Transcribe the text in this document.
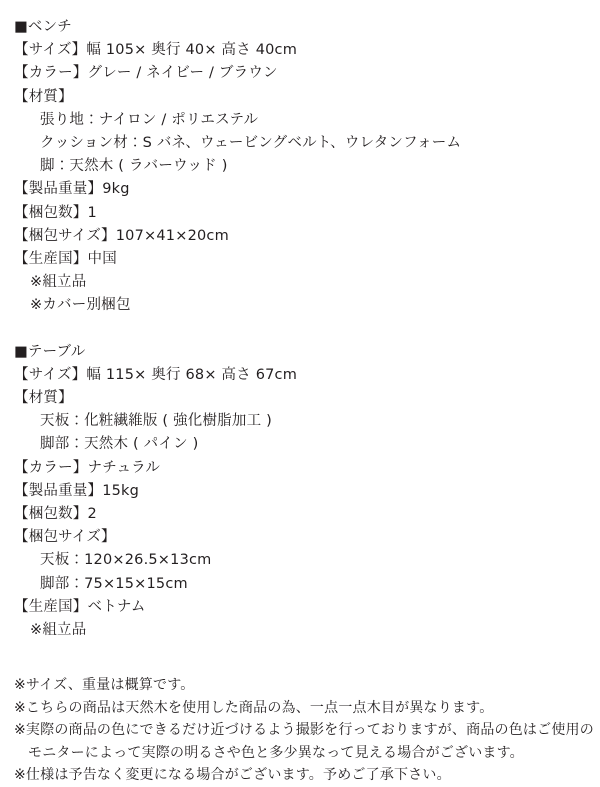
■ベンチ
【サイズ】幅 105× 奥行 40× 高さ 40cm
【カラー】グレー / ネイビー / ブラウン
【材質】
張り地：ナイロン / ポリエステル
クッション材：S バネ、ウェービングベルト、ウレタンフォーム
脚：天然木 ( ラバーウッド )
【製品重量】9kg
【梱包数】1
【梱包サイズ】107×41×20cm
【生産国】中国
※組立品
※カバー別梱包
■テーブル
【サイズ】幅 115× 奥行 68× 高さ 67cm
【材質】
天板：化粧繊維版 ( 強化樹脂加工 )
脚部：天然木 ( パイン )
【カラー】ナチュラル
【製品重量】15kg
【梱包数】2
【梱包サイズ】
天板：120×26.5×13cm
脚部：75×15×15cm
【生産国】ベトナム
※組立品
※サイズ、重量は概算です。
※こちらの商品は天然木を使用した商品の為、一点一点木目が異なります。
※実際の商品の色にできるだけ近づけるよう撮影を行っておりますが、商品の色はご使用の
モニターによって実際の明るさや色と多少異なって見える場合がございます。
※仕様は予告なく変更になる場合がございます。予めご了承下さい。
